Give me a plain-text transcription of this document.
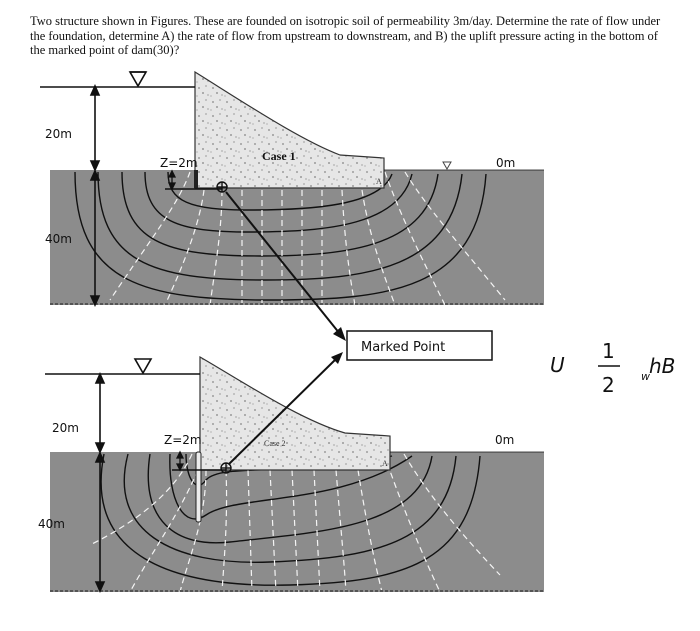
Two structure shown in Figures. These are founded on isotropic soil of permeability 3m/day. Determine the rate of flow under the foundation, determine A) the rate of flow from upstream to downstream, and B) the uplift pressure acting in the bottom of the marked point of dam(30)?
20m
40m
Z=2m	Case 1	0m
A
20m
40m
Z=2m	Case 2	0m
A
Marked Point
U
1
2 w hB
